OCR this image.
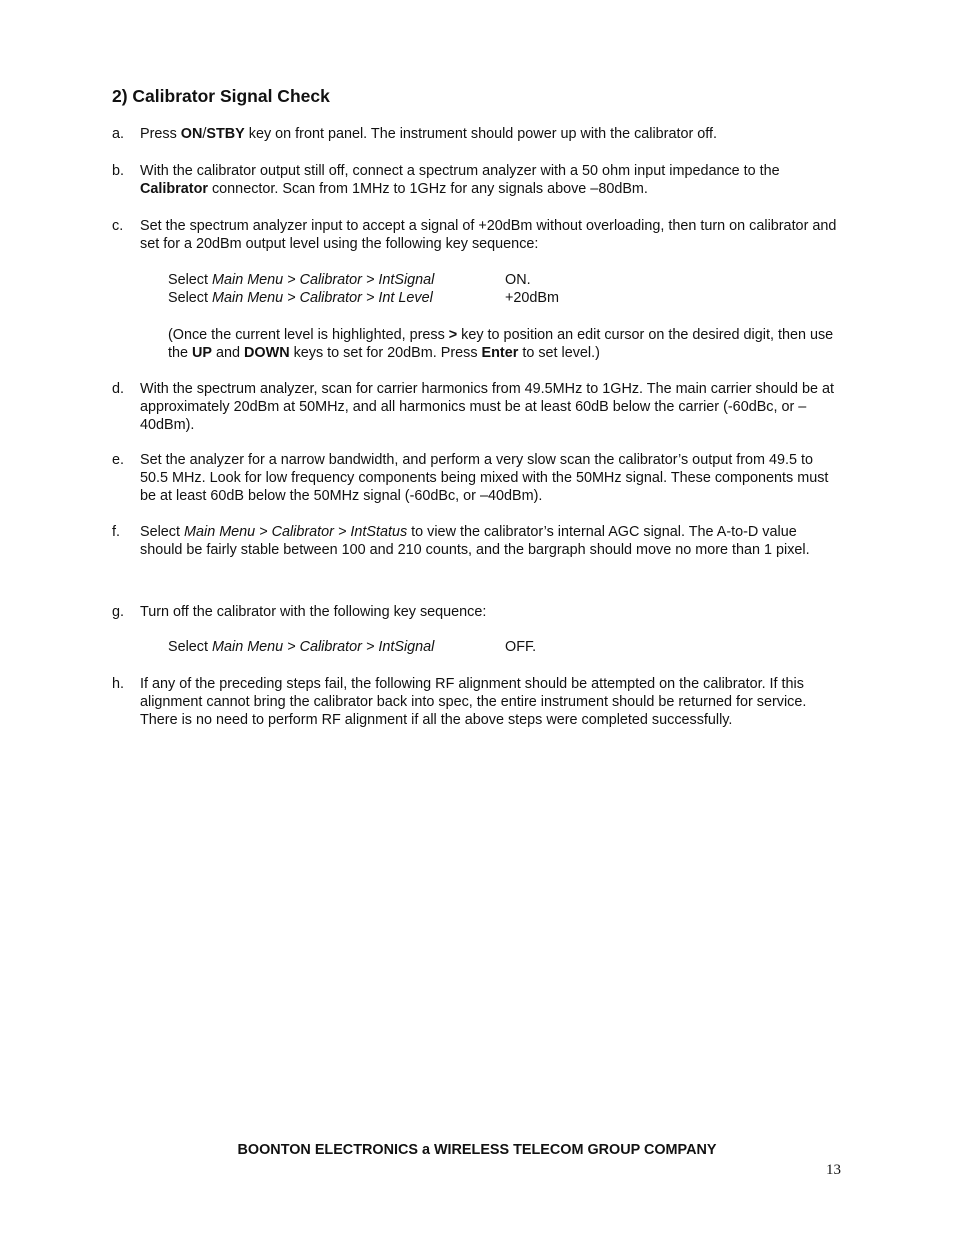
2) Calibrator Signal Check
a. Press ON/STBY key on front panel. The instrument should power up with the calibrator off.
b. With the calibrator output still off, connect a spectrum analyzer with a 50 ohm input impedance to the Calibrator connector. Scan from 1MHz to 1GHz for any signals above –80dBm.
c. Set the spectrum analyzer input to accept a signal of +20dBm without overloading, then turn on calibrator and set for a 20dBm output level using the following key sequence:
Select Main Menu > Calibrator > IntSignal	ON.
Select Main Menu > Calibrator > Int Level	+20dBm
(Once the current level is highlighted, press > key to position an edit cursor on the desired digit, then use the UP and DOWN keys to set for 20dBm. Press Enter to set level.)
d. With the spectrum analyzer, scan for carrier harmonics from 49.5MHz to 1GHz. The main carrier should be at approximately 20dBm at 50MHz, and all harmonics must be at least 60dB below the carrier (-60dBc, or –40dBm).
e. Set the analyzer for a narrow bandwidth, and perform a very slow scan the calibrator’s output from 49.5 to 50.5 MHz. Look for low frequency components being mixed with the 50MHz signal. These components must be at least 60dB below the 50MHz signal (-60dBc, or –40dBm).
f. Select Main Menu > Calibrator > IntStatus to view the calibrator’s internal AGC signal. The A-to-D value should be fairly stable between 100 and 210 counts, and the bargraph should move no more than 1 pixel.
g. Turn off the calibrator with the following key sequence:
Select Main Menu > Calibrator > IntSignal	OFF.
h. If any of the preceding steps fail, the following RF alignment should be attempted on the calibrator. If this alignment cannot bring the calibrator back into spec, the entire instrument should be returned for service. There is no need to perform RF alignment if all the above steps were completed successfully.
BOONTON ELECTRONICS a WIRELESS TELECOM GROUP COMPANY
13
